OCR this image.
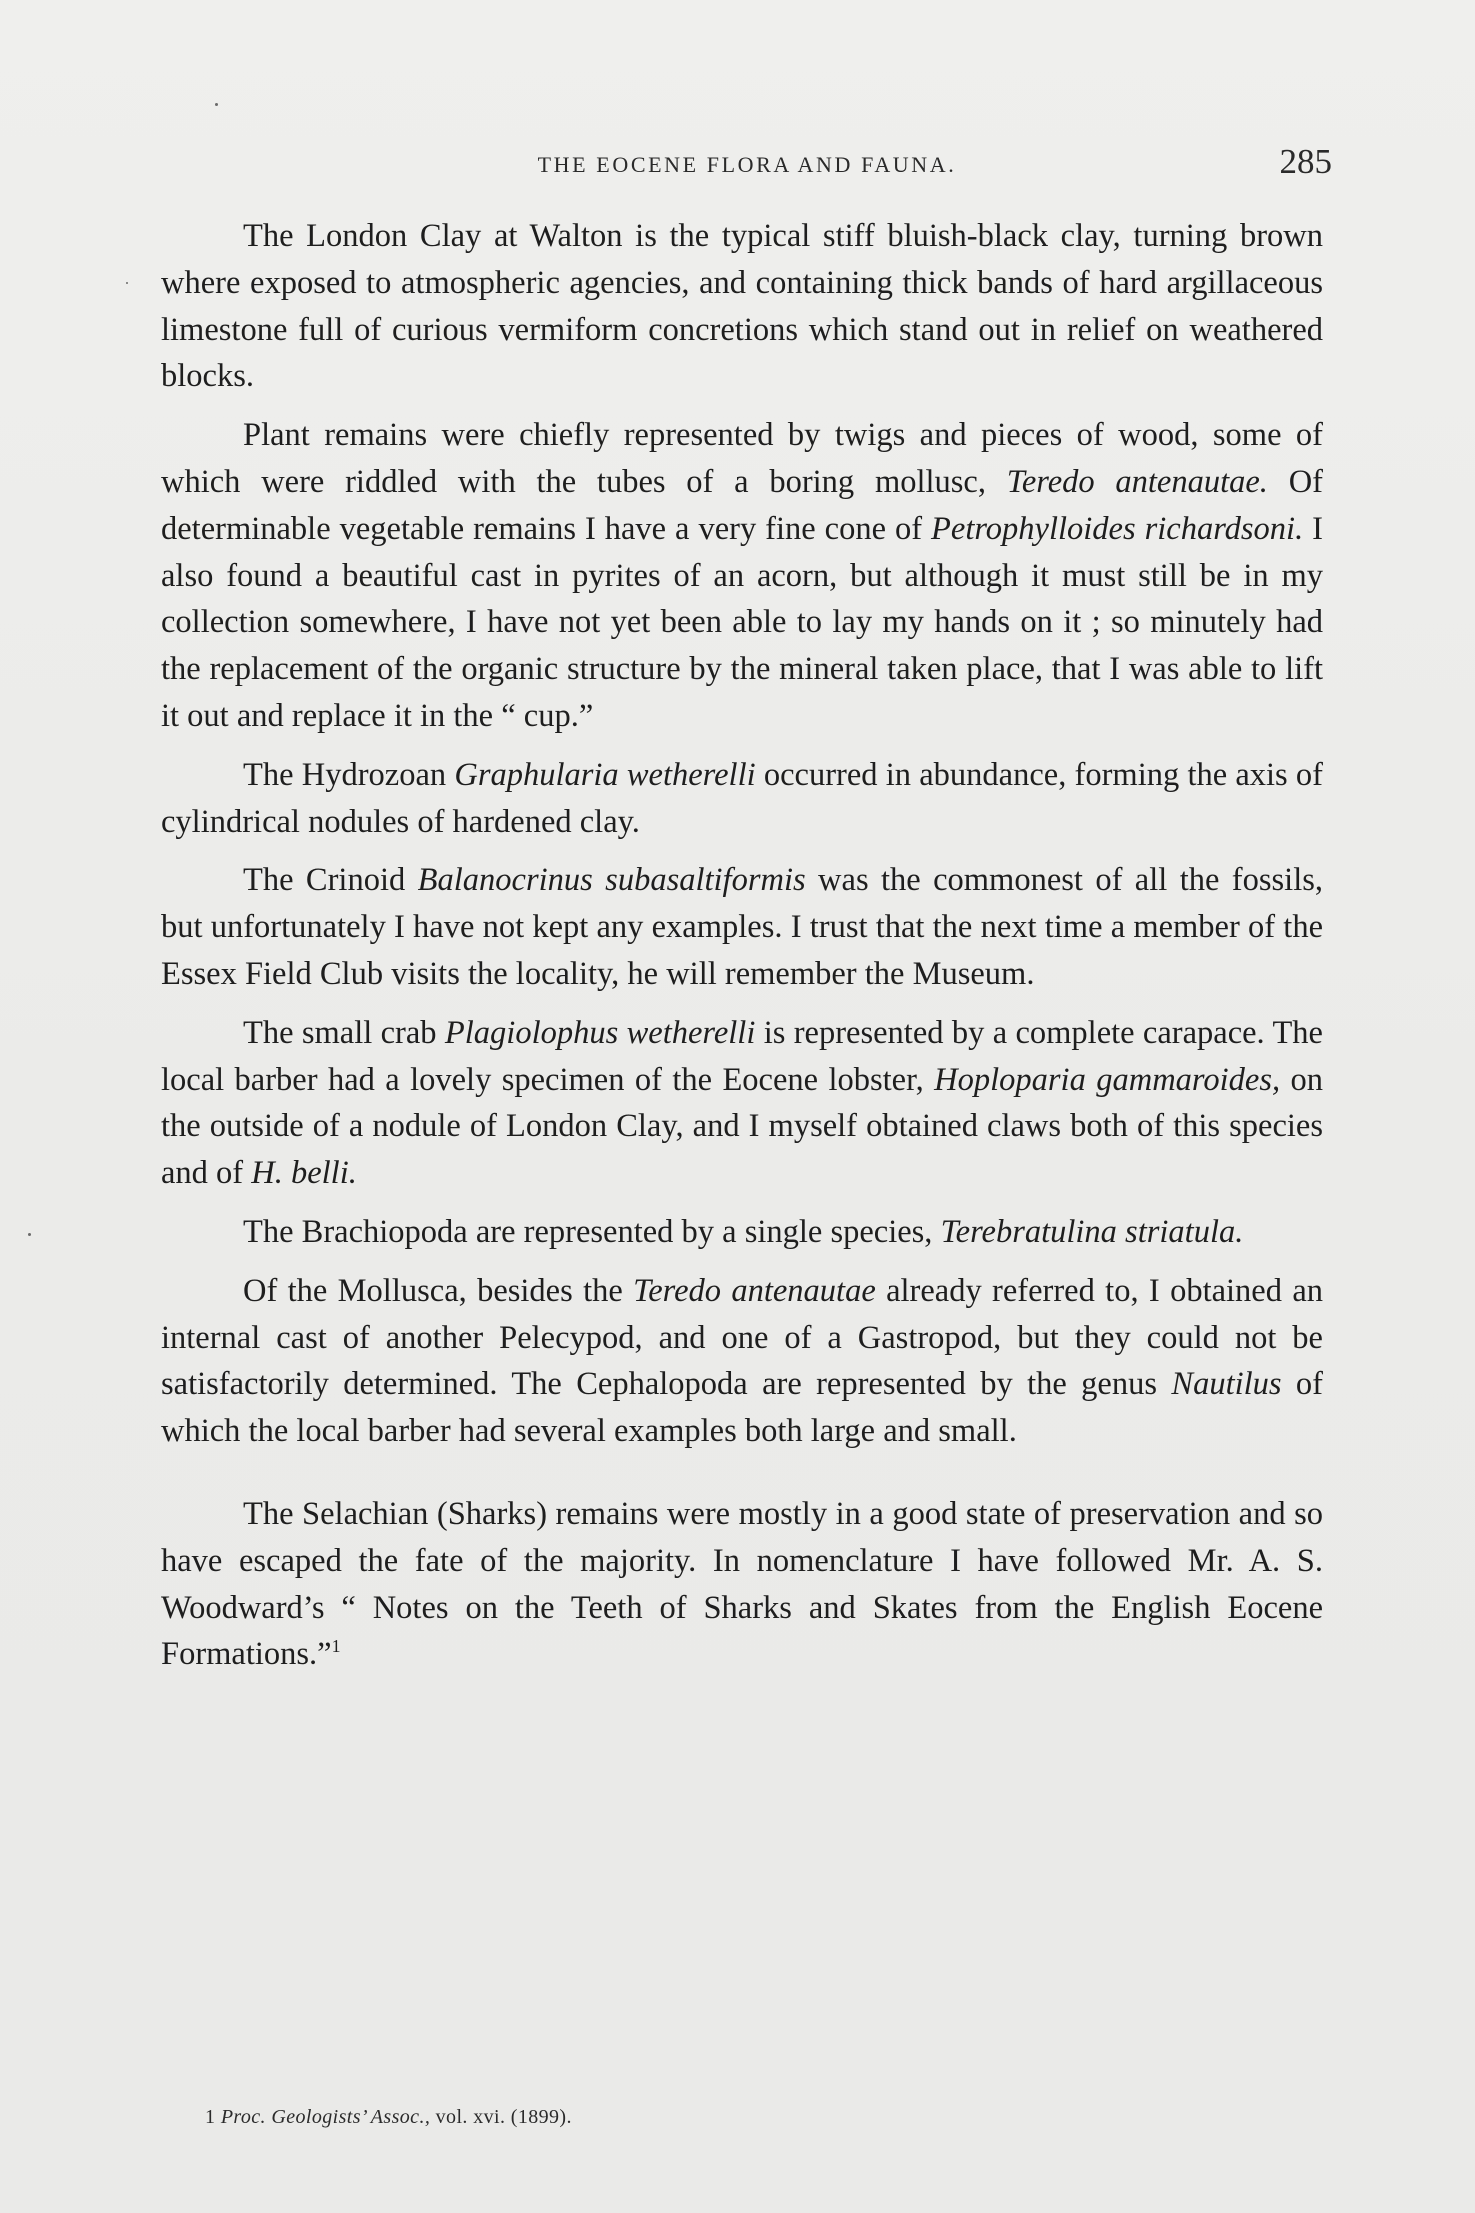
THE EOCENE FLORA AND FAUNA.	285

The London Clay at Walton is the typical stiff bluish-black clay, turning brown where exposed to atmospheric agencies, and containing thick bands of hard argillaceous limestone full of curious vermiform concretions which stand out in relief on weathered blocks.

Plant remains were chiefly represented by twigs and pieces of wood, some of which were riddled with the tubes of a boring mollusc, Teredo antenautae. Of determinable vegetable remains I have a very fine cone of Petrophylloides richardsoni. I also found a beautiful cast in pyrites of an acorn, but although it must still be in my collection somewhere, I have not yet been able to lay my hands on it ; so minutely had the replacement of the organic structure by the mineral taken place, that I was able to lift it out and replace it in the “ cup.”

The Hydrozoan Graphularia wetherelli occurred in abundance, forming the axis of cylindrical nodules of hardened clay.

The Crinoid Balanocrinus subasaltiformis was the commonest of all the fossils, but unfortunately I have not kept any examples. I trust that the next time a member of the Essex Field Club visits the locality, he will remember the Museum.

The small crab Plagiolophus wetherelli is represented by a complete carapace. The local barber had a lovely specimen of the Eocene lobster, Hoploparia gammaroides, on the outside of a nodule of London Clay, and I myself obtained claws both of this species and of H. belli.

The Brachiopoda are represented by a single species, Terebratulina striatula.

Of the Mollusca, besides the Teredo antenautae already referred to, I obtained an internal cast of another Pelecypod, and one of a Gastropod, but they could not be satisfactorily determined. The Cephalopoda are represented by the genus Nautilus of which the local barber had several examples both large and small.

The Selachian (Sharks) remains were mostly in a good state of preservation and so have escaped the fate of the majority. In nomenclature I have followed Mr. A. S. Woodward’s “ Notes on the Teeth of Sharks and Skates from the English Eocene Formations.”$^1$

1 Proc. Geologists’ Assoc., vol. xvi. (1899).
